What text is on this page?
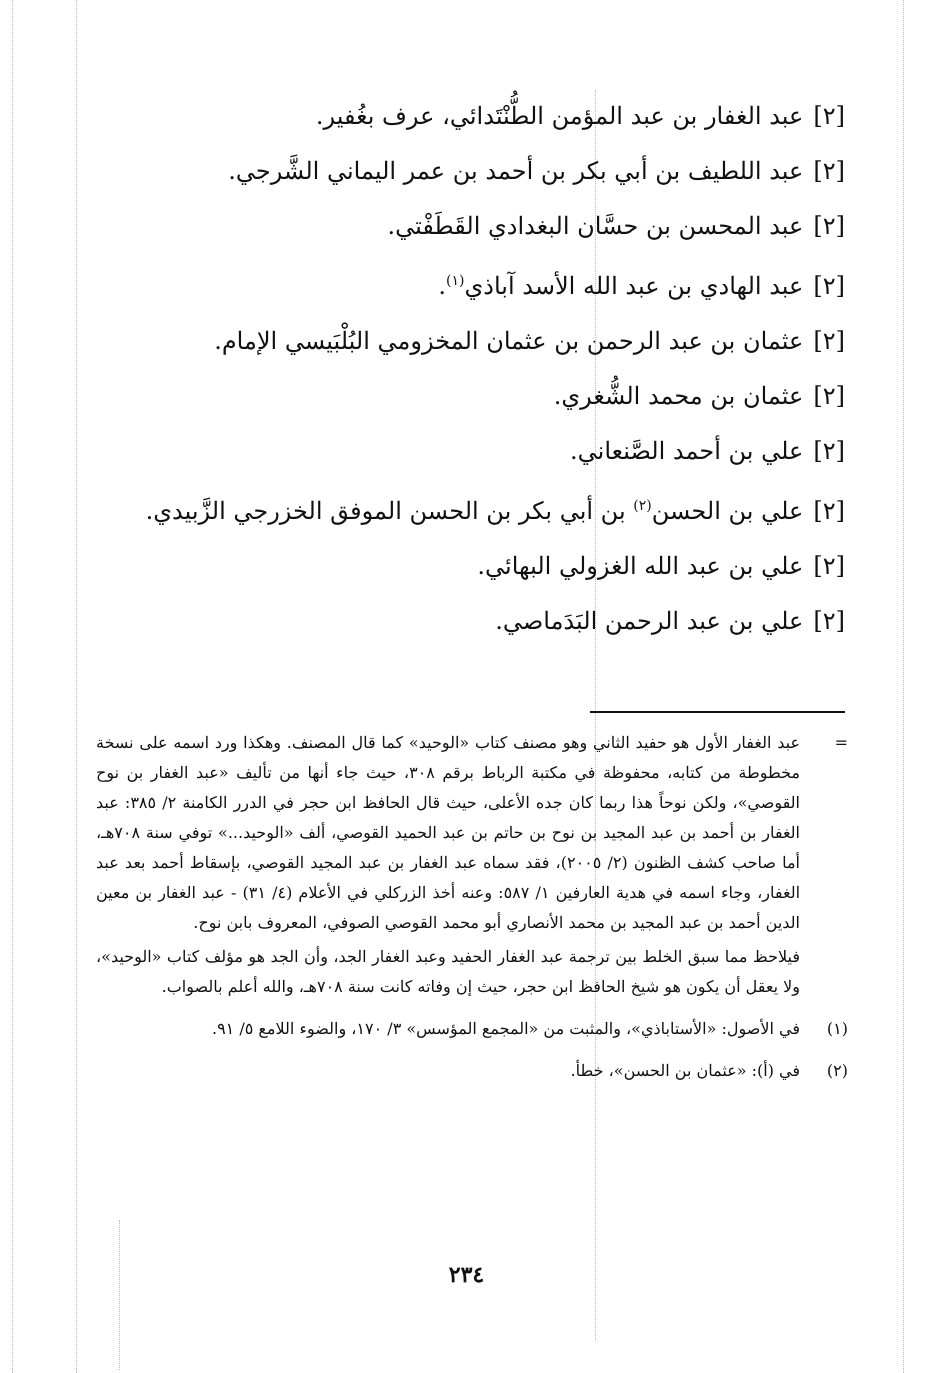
[٢]عبد الغفار بن عبد المؤمن الطُّنْتَدائي، عرف بغُفير.
[٢]عبد اللطيف بن أبي بكر بن أحمد بن عمر اليماني الشَّرجي.
[٢]عبد المحسن بن حسَّان البغدادي القَطَفْتي.
[٢]عبد الهادي بن عبد الله الأسد آباذي$^{(١)}$.
[٢]عثمان بن عبد الرحمن بن عثمان المخزومي البُلْبَيسي الإمام.
[٢]عثمان بن محمد الشُّغري.
[٢]علي بن أحمد الصَّنعاني.
[٢]علي بن الحسن$^{(٢)}$ بن أبي بكر بن الحسن الموفق الخزرجي الزَّبيدي.
[٢]علي بن عبد الله الغزولي البهائي.
[٢]علي بن عبد الرحمن البَدَماصي.
=

عبد الغفار الأول هو حفيد الثاني وهو مصنف كتاب «الوحيد» كما قال المصنف. وهكذا ورد اسمه على نسخة مخطوطة من كتابه، محفوظة في مكتبة الرباط برقم ٣٠٨، حيث جاء أنها من تأليف «عبد الغفار بن نوح القوصي»، ولكن نوحاً هذا ربما كان جده الأعلى، حيث قال الحافظ ابن حجر في الدرر الكامنة ٢/ ٣٨٥: عبد الغفار بن أحمد بن عبد المجيد بن نوح بن حاتم بن عبد الحميد القوصي، ألف «الوحيد...» توفي سنة ٧٠٨هـ، أما صاحب كشف الظنون (٢/ ٢٠٠٥)، فقد سماه عبد الغفار بن عبد المجيد القوصي، بإسقاط أحمد بعد عبد الغفار، وجاء اسمه في هدية العارفين ١/ ٥٨٧: وعنه أخذ الزركلي في الأعلام (٤/ ٣١) - عبد الغفار بن معين الدين أحمد بن عبد المجيد بن محمد الأنصاري أبو محمد القوصي الصوفي، المعروف بابن نوح.

فيلاحظ مما سبق الخلط بين ترجمة عبد الغفار الحفيد وعبد الغفار الجد، وأن الجد هو مؤلف كتاب «الوحيد»، ولا يعقل أن يكون هو شيخ الحافظ ابن حجر، حيث إن وفاته كانت سنة ٧٠٨هـ، والله أعلم بالصواب.

(١)

في الأصول: «الأستاباذي»، والمثبت من «المجمع المؤسس» ٣/ ١٧٠، والضوء اللامع ٥/ ٩١.

(٢)

في (أ): «عثمان بن الحسن»، خطأ.

٢٣٤
